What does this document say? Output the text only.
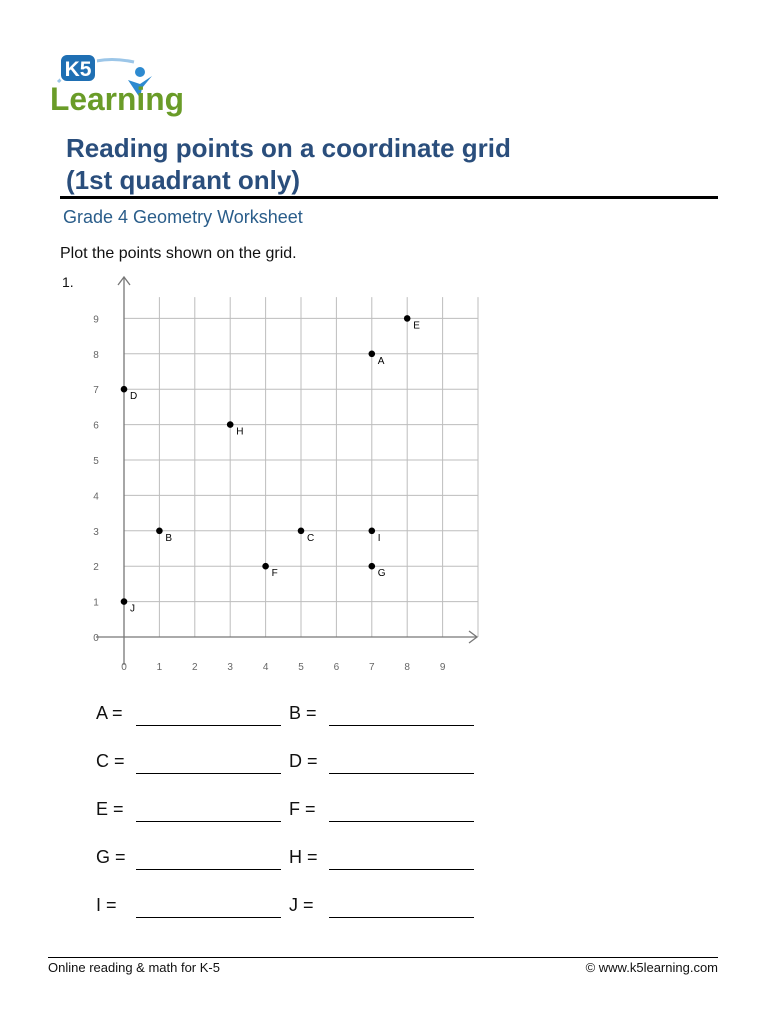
K5
Learning
Reading points on a coordinate grid
(1st quadrant only)
Grade 4 Geometry Worksheet
Plot the points shown on the grid.
1.
0	1	2	3	4	5	6	7	8	9
0
1
2
3
4
5
6
7
8
9
A
B	C
D
E
F	G
H
I
J
A =	B =
C =	D =
E =	F =
G =	H =
I =	J =
Online reading & math for K-5	© www.k5learning.com
